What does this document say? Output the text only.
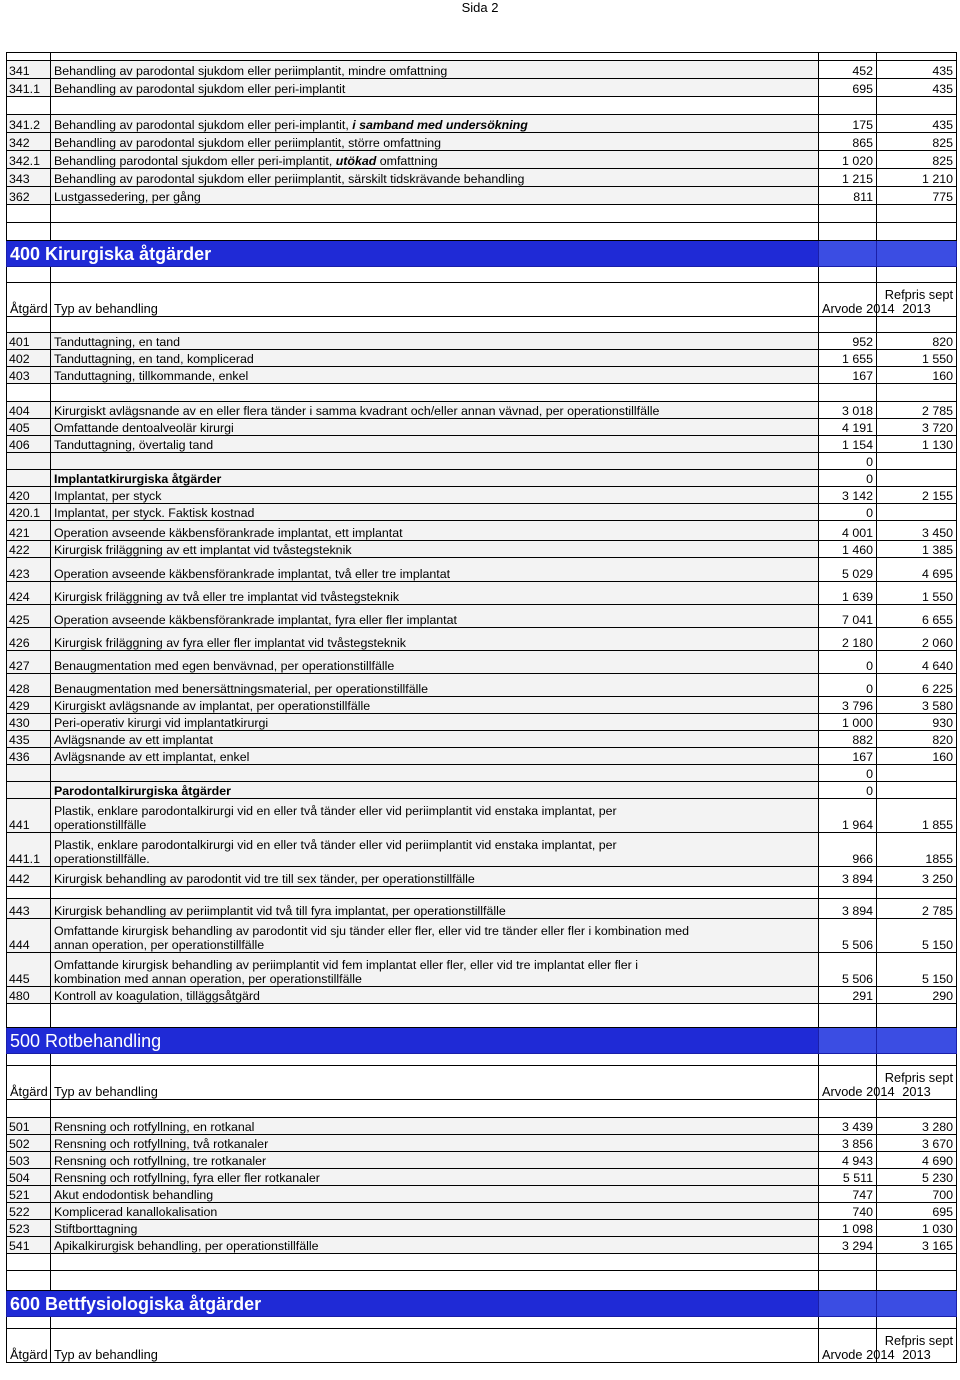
Sida 2

341	Behandling av parodontal sjukdom eller periimplantit, mindre omfattning	452	435
341.1	Behandling av parodontal sjukdom eller peri-implantit	695	435

341.2	Behandling av parodontal sjukdom eller peri-implantit, i samband med undersökning	175	435
342	Behandling av parodontal sjukdom eller periimplantit, större omfattning	865	825
342.1	Behandling parodontal sjukdom eller peri-implantit, utökad omfattning	1 020	825
343	Behandling av parodontal sjukdom eller periimplantit, särskilt tidskrävande behandling	1 215	1 210
362	Lustgassedering, per gång	811	775

400 Kirurgiska åtgärder			

Åtgärd	Typ av behandling	Arvode 2014	Refpris sept
2013

401	Tanduttagning, en tand	952	820
402	Tanduttagning, en tand, komplicerad	1 655	1 550
403	Tanduttagning, tillkommande, enkel	167	160

404	Kirurgiskt avlägsnande av en eller flera tänder i samma kvadrant och/eller annan vävnad, per operationstillfälle	3 018	2 785
405	Omfattande dentoalveolär kirurgi	4 191	3 720
406	Tanduttagning, övertalig tand	1 154	1 130
		0	
	Implantatkirurgiska åtgärder	0	
420	Implantat, per styck	3 142	2 155
420.1	Implantat, per styck. Faktisk kostnad	0	
421	Operation avseende käkbensförankrade implantat, ett implantat	4 001	3 450
422	Kirurgisk friläggning av ett implantat vid tvåstegsteknik	1 460	1 385
423	Operation avseende käkbensförankrade implantat, två eller tre implantat	5 029	4 695
424	Kirurgisk friläggning av två eller tre implantat vid tvåstegsteknik	1 639	1 550
425	Operation avseende käkbensförankrade implantat, fyra eller fler implantat	7 041	6 655
426	Kirurgisk friläggning av fyra eller fler implantat vid tvåstegsteknik	2 180	2 060
427	Benaugmentation med egen benvävnad, per operationstillfälle	0	4 640
428	Benaugmentation med benersättningsmaterial, per operationstillfälle	0	6 225
429	Kirurgiskt avlägsnande av implantat, per operationstillfälle	3 796	3 580
430	Peri-operativ kirurgi vid implantatkirurgi	1 000	930
435	Avlägsnande av ett implantat	882	820
436	Avlägsnande av ett implantat, enkel	167	160
		0	
	Parodontalkirurgiska åtgärder	0	
441	Plastik, enklare parodontalkirurgi vid en eller två tänder eller vid periimplantit vid enstaka implantat, per
operationstillfälle	1 964	1 855
441.1	Plastik, enklare parodontalkirurgi vid en eller två tänder eller vid periimplantit vid enstaka implantat, per
operationstillfälle.	966	1855
442	Kirurgisk behandling av parodontit vid tre till sex tänder, per operationstillfälle	3 894	3 250

443	Kirurgisk behandling av periimplantit vid två till fyra implantat, per operationstillfälle	3 894	2 785
444	Omfattande kirurgisk behandling av parodontit vid sju tänder eller fler, eller vid tre tänder eller fler i kombination med
annan operation, per operationstillfälle	5 506	5 150
445	Omfattande kirurgisk behandling av periimplantit vid fem implantat eller fler, eller vid tre implantat eller fler i
kombination med annan operation, per operationstillfälle	5 506	5 150
480	Kontroll av koagulation, tilläggsåtgärd	291	290

500 Rotbehandling			

Åtgärd	Typ av behandling	Arvode 2014	Refpris sept
2013

501	Rensning och rotfyllning, en rotkanal	3 439	3 280
502	Rensning och rotfyllning, två rotkanaler	3 856	3 670
503	Rensning och rotfyllning, tre rotkanaler	4 943	4 690
504	Rensning och rotfyllning, fyra eller fler rotkanaler	5 511	5 230
521	Akut endodontisk behandling	747	700
522	Komplicerad kanallokalisation	740	695
523	Stiftborttagning	1 098	1 030
541	Apikalkirurgisk behandling, per operationstillfälle	3 294	3 165

600 Bettfysiologiska åtgärder			

Åtgärd	Typ av behandling	Arvode 2014	Refpris sept
2013
